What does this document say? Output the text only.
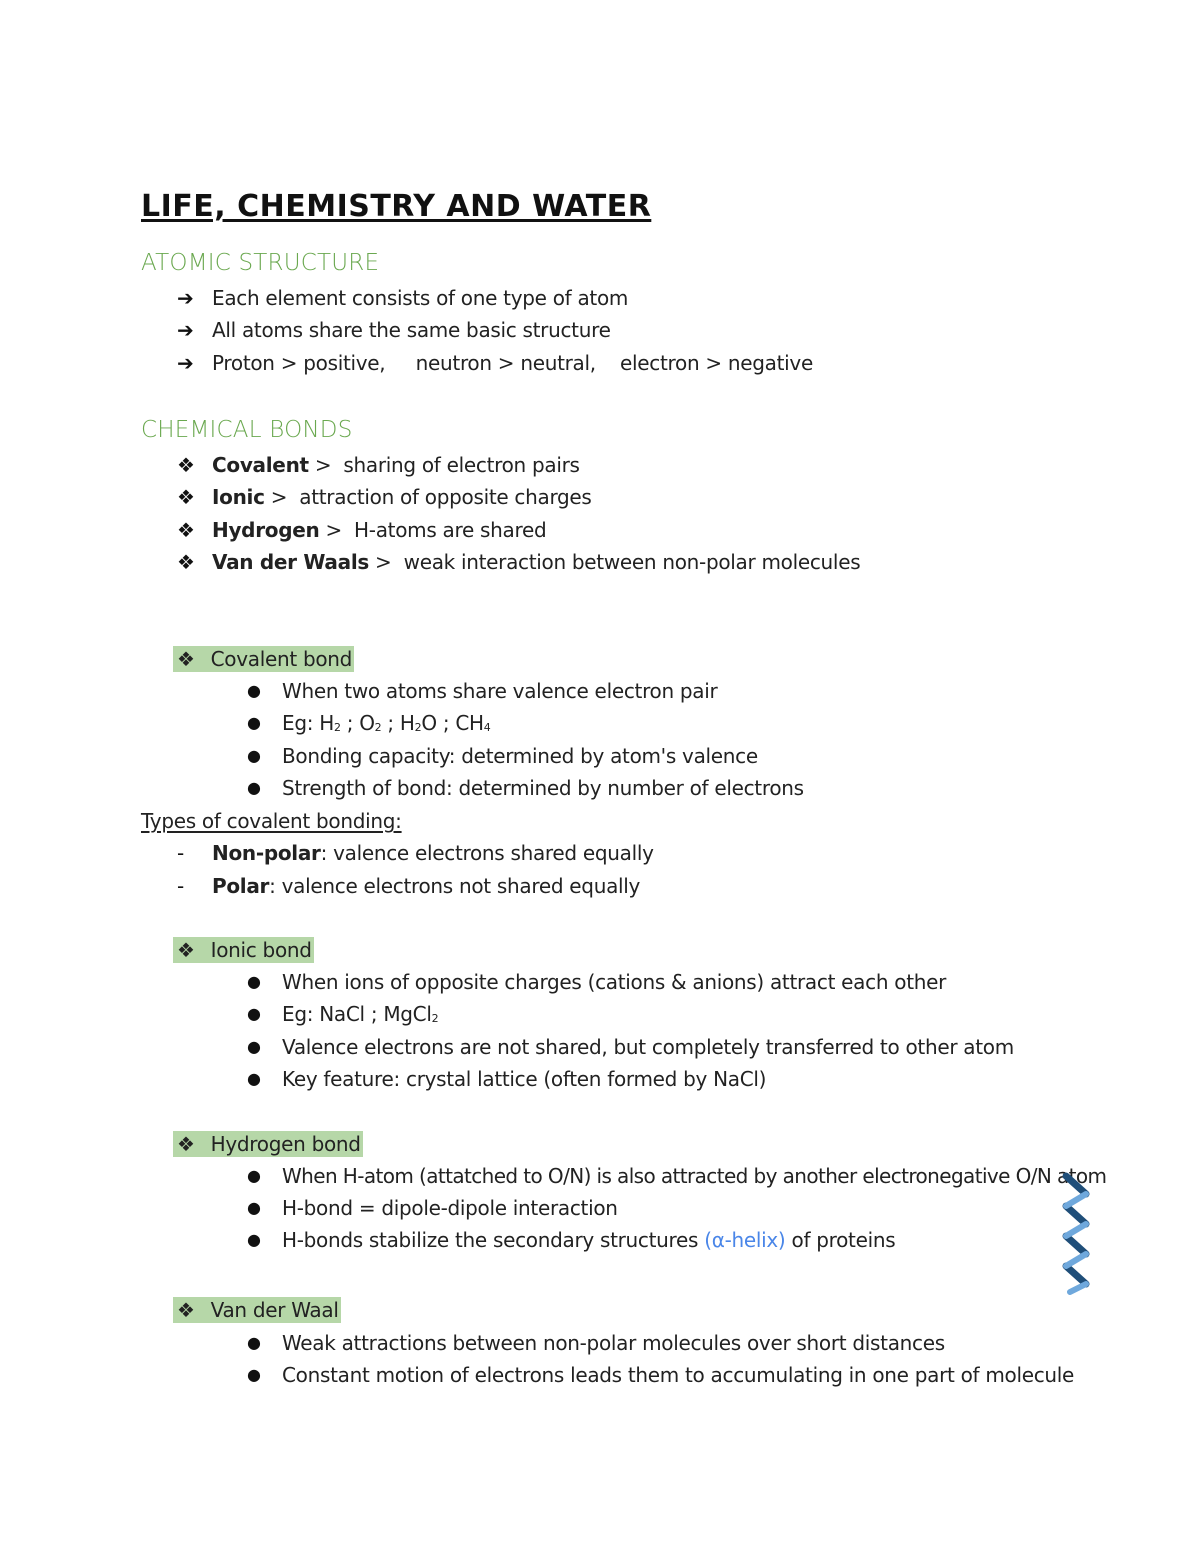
LIFE, CHEMISTRY AND WATER
ATOMIC STRUCTURE
➔ Each element consists of one type of atom
➔ All atoms share the same basic structure
➔ Proton > positive,     neutron > neutral,    electron > negative
CHEMICAL BONDS
❖ Covalent >  sharing of electron pairs
❖ Ionic >  attraction of opposite charges
❖ Hydrogen >  H-atoms are shared
❖ Van der Waals >  weak interaction between non-polar molecules
❖ Covalent bond
● When two atoms share valence electron pair
● Eg: $H_2$ ; $O_2$ ; $H_2O$ ; $CH_4$
● Bonding capacity: determined by atom's valence
● Strength of bond: determined by number of electrons
Types of covalent bonding:
- Non-polar: valence electrons shared equally
- Polar: valence electrons not shared equally
❖ Ionic bond
● When ions of opposite charges (cations & anions) attract each other
● Eg: NaCl ; MgCl$_2$
● Valence electrons are not shared, but completely transferred to other atom
● Key feature: crystal lattice (often formed by NaCl)
❖ Hydrogen bond
● When H-atom (attatched to O/N) is also attracted by another electronegative O/N atom
● H-bond = dipole-dipole interaction
● H-bonds stabilize the secondary structures (α-helix) of proteins
❖ Van der Waal
● Weak attractions between non-polar molecules over short distances
● Constant motion of electrons leads them to accumulating in one part of molecule
